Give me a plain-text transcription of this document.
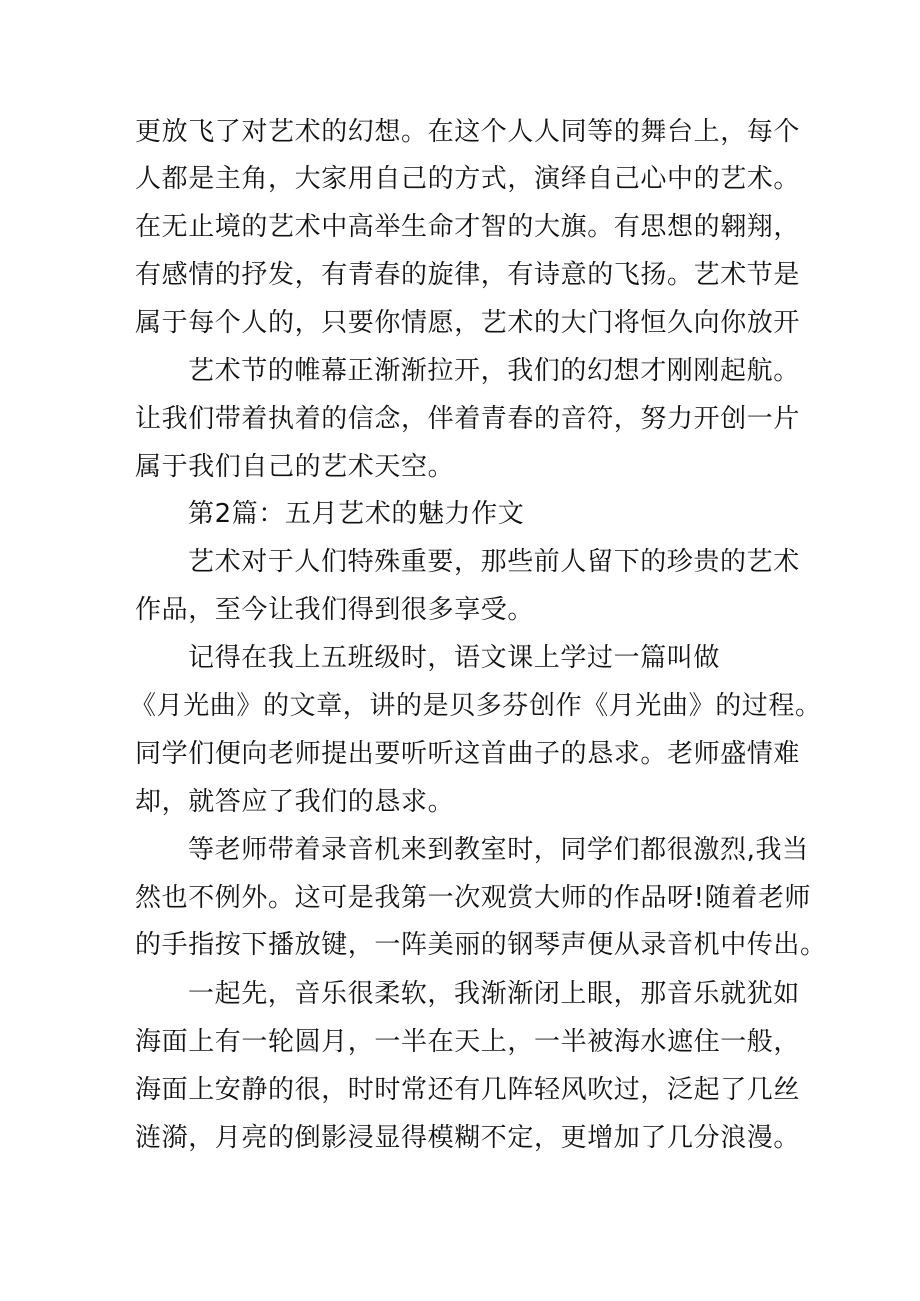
更放飞了对艺术的幻想。在这个人人同等的舞台上，每个

人都是主角，大家用自己的方式，演绎自己心中的艺术。

在无止境的艺术中高举生命才智的大旗。有思想的翱翔，

有感情的抒发，有青春的旋律，有诗意的飞扬。艺术节是

属于每个人的，只要你情愿，艺术的大门将恒久向你放开

艺术节的帷幕正渐渐拉开，我们的幻想才刚刚起航。

让我们带着执着的信念，伴着青春的音符，努力开创一片

属于我们自己的艺术天空。

第2篇：五月艺术的魅力作文

艺术对于人们特殊重要，那些前人留下的珍贵的艺术

作品，至今让我们得到很多享受。

记得在我上五班级时，语文课上学过一篇叫做

《月光曲》的文章，讲的是贝多芬创作《月光曲》的过程。

同学们便向老师提出要听听这首曲子的恳求。老师盛情难

却，就答应了我们的恳求。

等老师带着录音机来到教室时，同学们都很激烈,我当

然也不例外。这可是我第一次观赏大师的作品呀!随着老师

的手指按下播放键，一阵美丽的钢琴声便从录音机中传出。

一起先，音乐很柔软，我渐渐闭上眼，那音乐就犹如

海面上有一轮圆月，一半在天上，一半被海水遮住一般，

海面上安静的很，时时常还有几阵轻风吹过，泛起了几丝

涟漪，月亮的倒影浸显得模糊不定，更增加了几分浪漫。
